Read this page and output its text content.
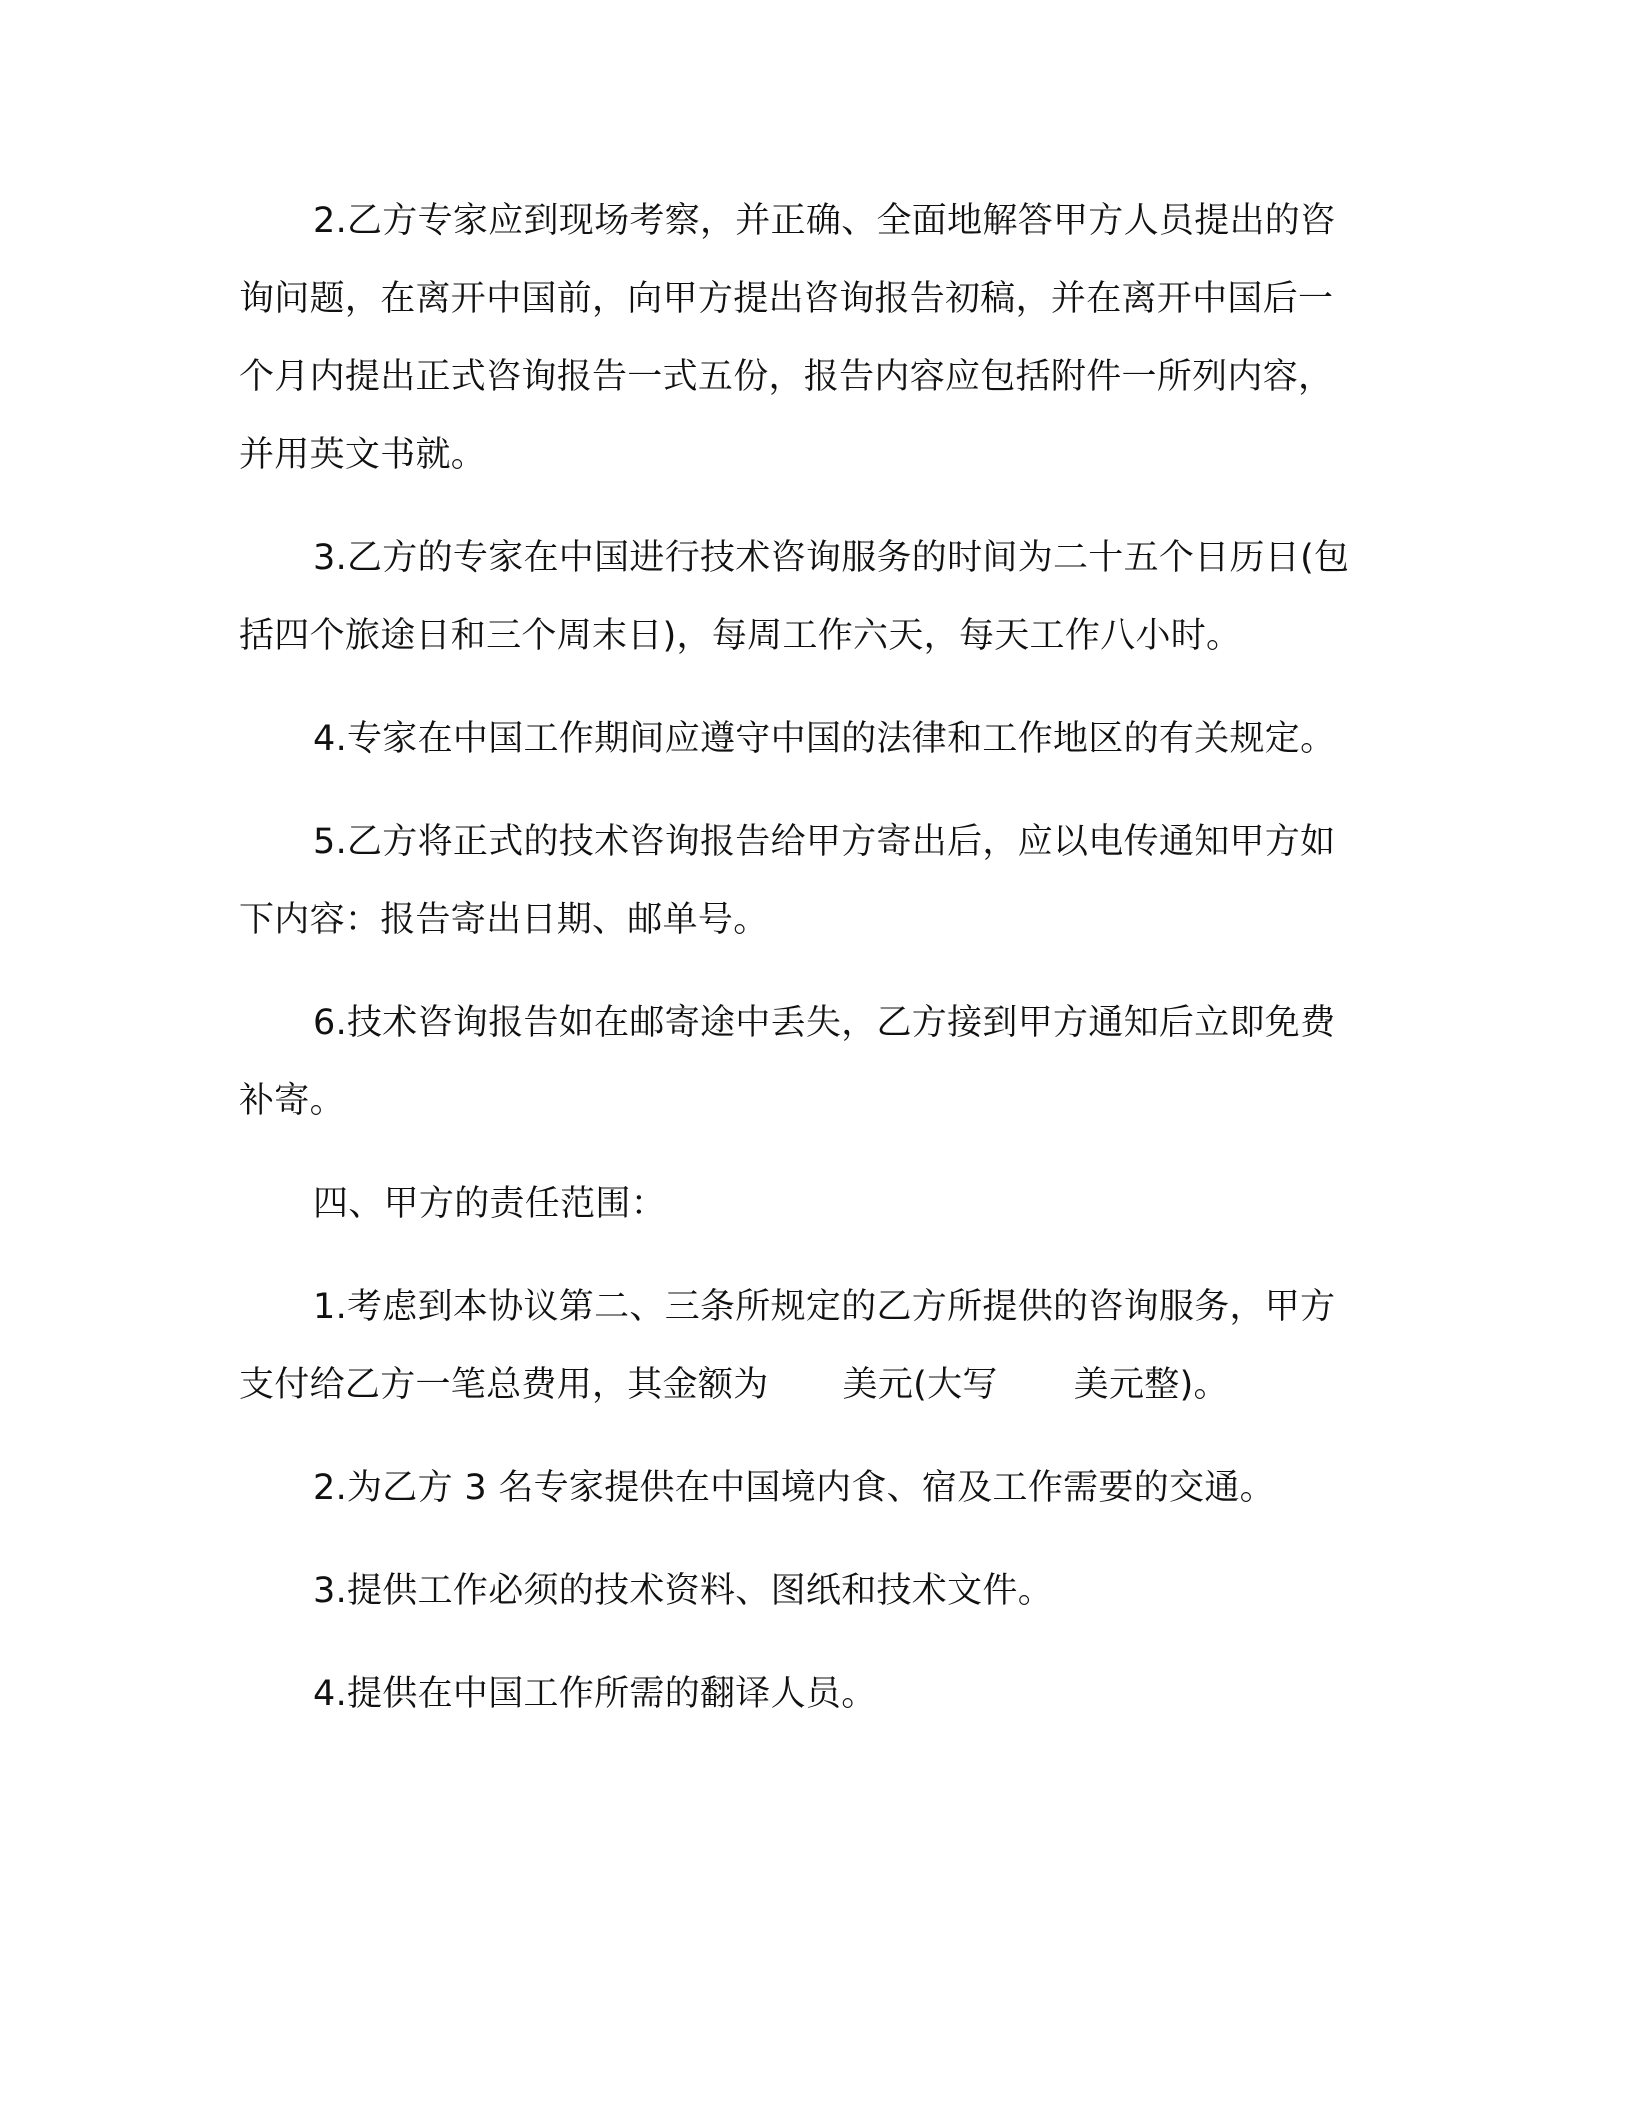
2.乙方专家应到现场考察，并正确、全面地解答甲方人员提出的咨询问题，在离开中国前，向甲方提出咨询报告初稿，并在离开中国后一个月内提出正式咨询报告一式五份，报告内容应包括附件一所列内容，并用英文书就。

3.乙方的专家在中国进行技术咨询服务的时间为二十五个日历日(包括四个旅途日和三个周末日)，每周工作六天，每天工作八小时。

4.专家在中国工作期间应遵守中国的法律和工作地区的有关规定。

5.乙方将正式的技术咨询报告给甲方寄出后，应以电传通知甲方如下内容：报告寄出日期、邮单号。

6.技术咨询报告如在邮寄途中丢失，乙方接到甲方通知后立即免费补寄。

四、甲方的责任范围：

1.考虑到本协议第二、三条所规定的乙方所提供的咨询服务，甲方支付给乙方一笔总费用，其金额为 美元(大写 美元整)。

2.为乙方 3 名专家提供在中国境内食、宿及工作需要的交通。

3.提供工作必须的技术资料、图纸和技术文件。

4.提供在中国工作所需的翻译人员。
